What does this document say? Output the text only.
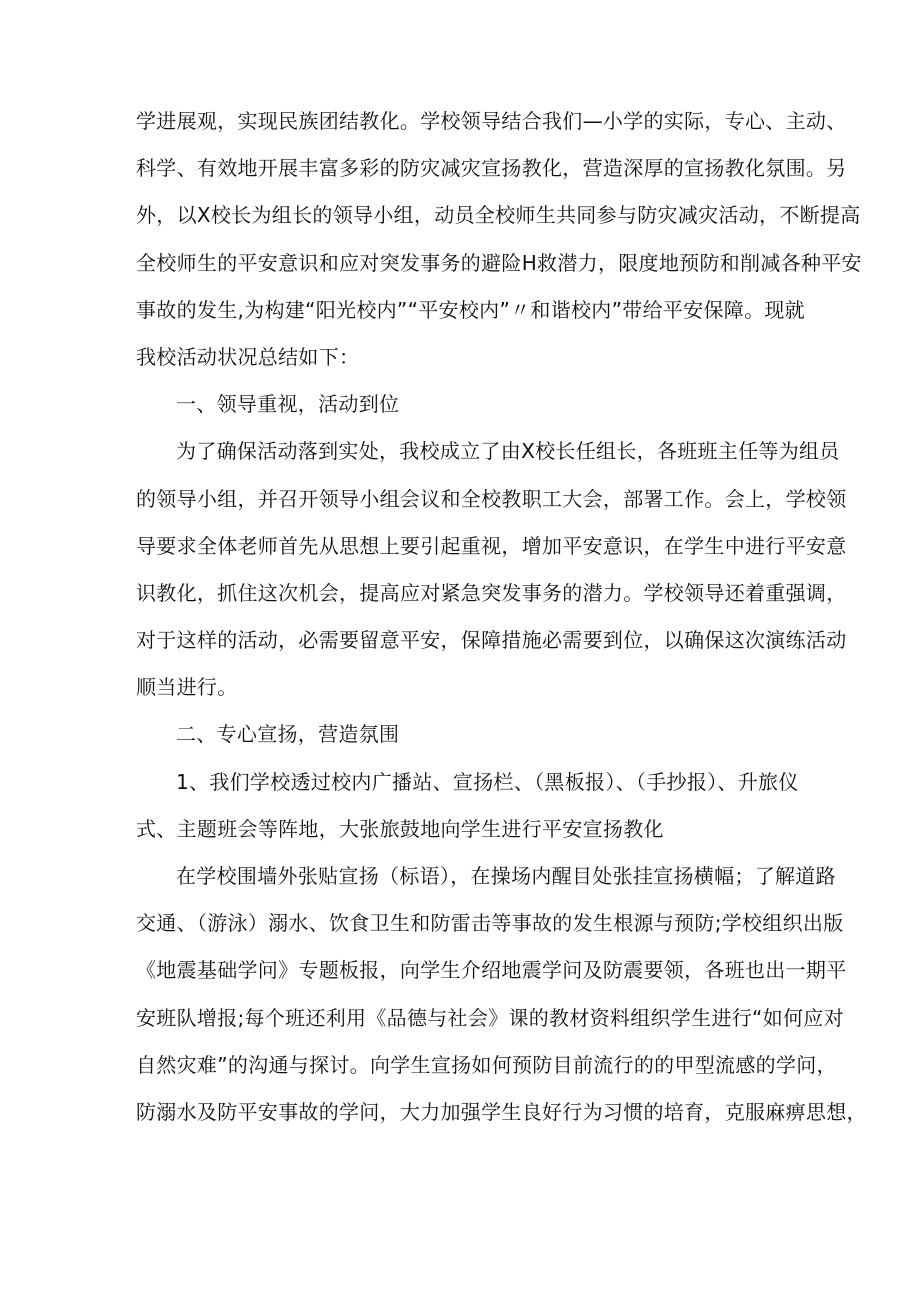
学进展观，实现民族团结教化。学校领导结合我们—小学的实际，专心、主动、
科学、有效地开展丰富多彩的防灾减灾宣扬教化，营造深厚的宣扬教化氛围。另
外，以X校长为组长的领导小组，动员全校师生共同参与防灾减灾活动，不断提高
全校师生的平安意识和应对突发事务的避险H救潜力，限度地预防和削减各种平安
事故的发生,为构建“阳光校内”“平安校内”〃和谐校内”带给平安保障。现就
我校活动状况总结如下：
一、领导重视，活动到位
为了确保活动落到实处，我校成立了由X校长任组长，各班班主任等为组员
的领导小组，并召开领导小组会议和全校教职工大会，部署工作。会上，学校领
导要求全体老师首先从思想上要引起重视，增加平安意识，在学生中进行平安意
识教化，抓住这次机会，提高应对紧急突发事务的潜力。学校领导还着重强调，
对于这样的活动，必需要留意平安，保障措施必需要到位，以确保这次演练活动
顺当进行。
二、专心宣扬，营造氛围
1、我们学校透过校内广播站、宣扬栏、（黑板报）、（手抄报）、升旅仪
式、主题班会等阵地，大张旅鼓地向学生进行平安宣扬教化
在学校围墙外张贴宣扬（标语），在操场内醒目处张挂宣扬横幅；了解道路
交通、（游泳）溺水、饮食卫生和防雷击等事故的发生根源与预防;学校组织出版
《地震基础学问》专题板报，向学生介绍地震学问及防震要领，各班也出一期平
安班队增报;每个班还利用《品德与社会》课的教材资料组织学生进行“如何应对
自然灾难”的沟通与探讨。向学生宣扬如何预防目前流行的的甲型流感的学问，
防溺水及防平安事故的学问，大力加强学生良好行为习惯的培育，克服麻痹思想，
